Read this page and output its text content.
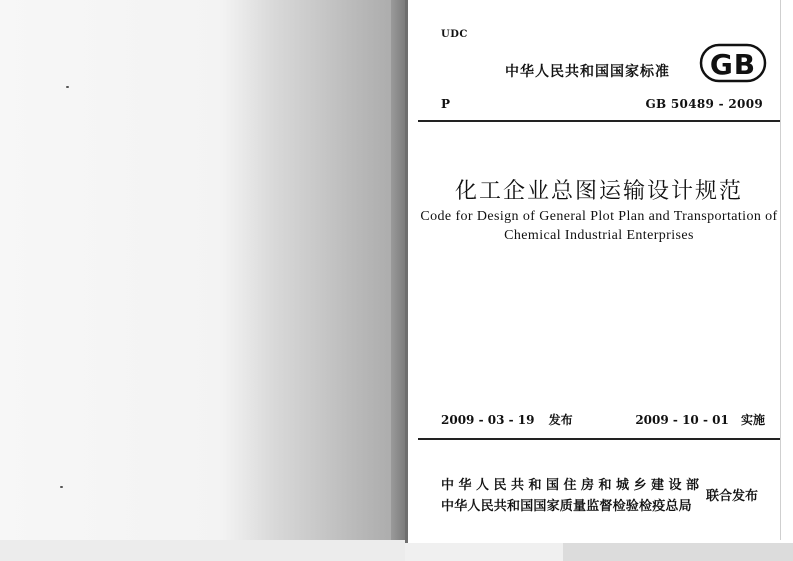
UDC
中华人民共和国国家标准 GB
P	GB 50489 - 2009
化工企业总图运输设计规范
Code for Design of General Plot Plan and Transportation of
Chemical Industrial Enterprises
2009 - 03 - 19 发布	2009 - 10 - 01 实施
中华人民共和国住房和城乡建设部
中华人民共和国国家质量监督检验检疫总局
联合发布
